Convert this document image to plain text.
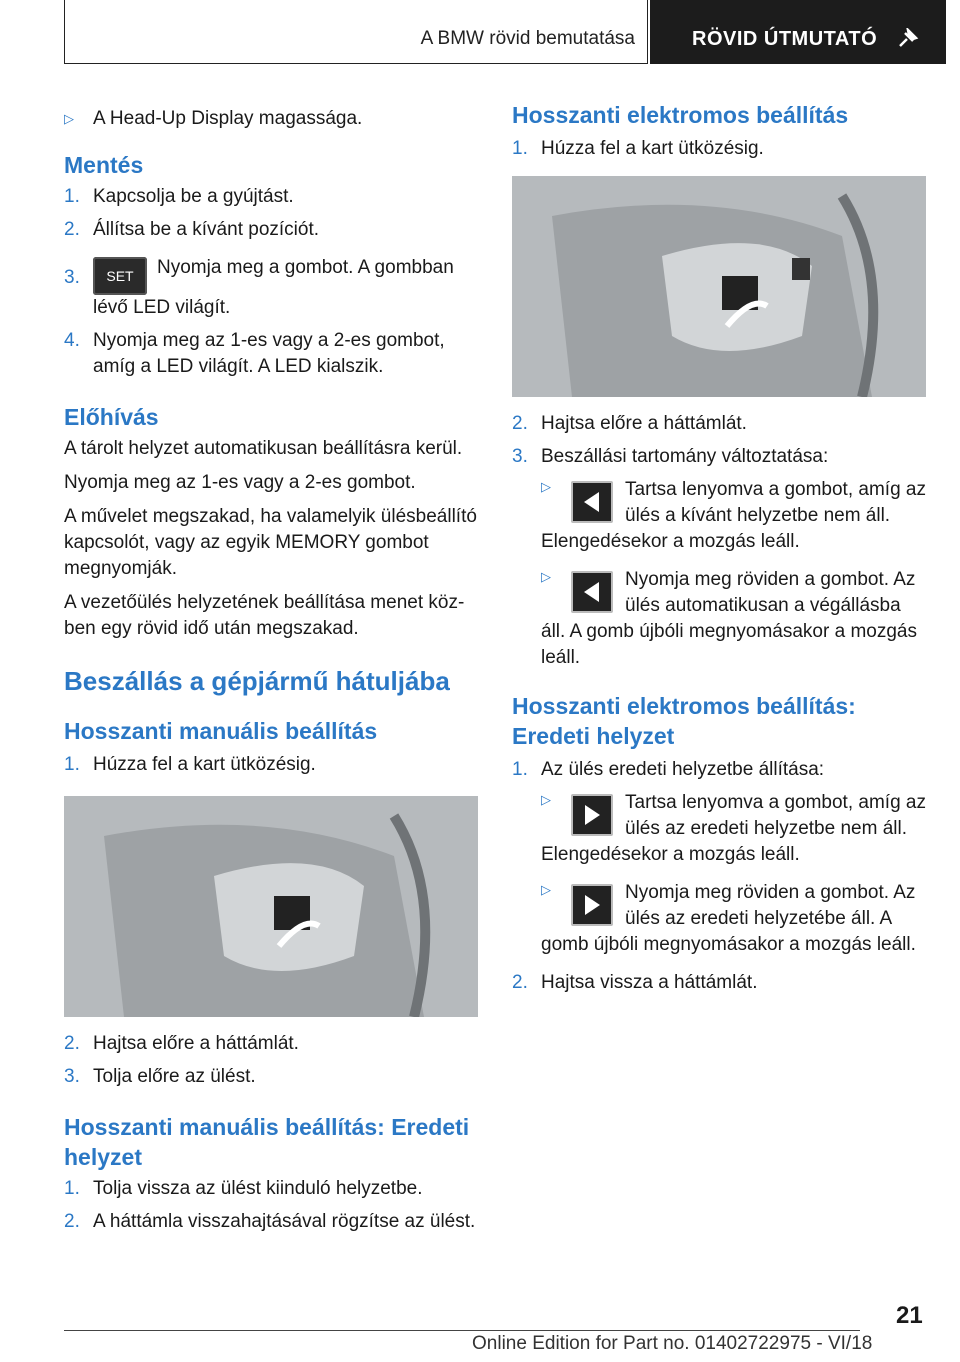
A BMW rövid bemutatása	RÖVID ÚTMUTATÓ
▷	A Head-Up Display magassága.
Mentés
1. Kapcsolja be a gyújtást.
2. Állítsa be a kívánt pozíciót.
3.	SET Nyomja meg a gombot. A gombban lévő LED világít.
4. Nyomja meg az 1-es vagy a 2-es gombot, amíg a LED világít. A LED kialszik.
Előhívás

A tárolt helyzet automatikusan beállításra kerül.

Nyomja meg az 1-es vagy a 2-es gombot.

A művelet megszakad, ha valamelyik ülésbeállító kapcsolót, vagy az egyik MEMORY gombot megnyomják.

A vezetőülés helyzetének beállítása menet közben egy rövid idő után megszakad.

Beszállás a gépjármű hátuljába
Hosszanti manuális beállítás
1. Húzza fel a kart ütközésig.
2. Hajtsa előre a háttámlát.
3. Tolja előre az ülést.
Hosszanti manuális beállítás: Eredeti helyzet
1. Tolja vissza az ülést kiinduló helyzetbe.
2. A háttámla visszahajtásával rögzítse az ülést.
Hosszanti elektromos beállítás
1. Húzza fel a kart ütközésig.
2. Hajtsa előre a háttámlát.
3. Beszállási tartomány változtatása:
▷	Tartsa lenyomva a gombot, amíg az ülés a kívánt helyzetbe nem áll. Elengedésekor a mozgás leáll.

▷	Nyomja meg röviden a gombot. Az ülés automatikusan a végállásba áll. A gomb újbóli megnyomásakor a mozgás leáll.

Hosszanti elektromos beállítás: Eredeti helyzet
1. Az ülés eredeti helyzetbe állítása:
▷	Tartsa lenyomva a gombot, amíg az ülés az eredeti helyzetbe nem áll. Elengedésekor a mozgás leáll.

▷	Nyomja meg röviden a gombot. Az ülés az eredeti helyzetébe áll. A gomb újbóli megnyomásakor a mozgás leáll.

2. Hajtsa vissza a háttámlát.
21
Online Edition for Part no. 01402722975 - VI/18
